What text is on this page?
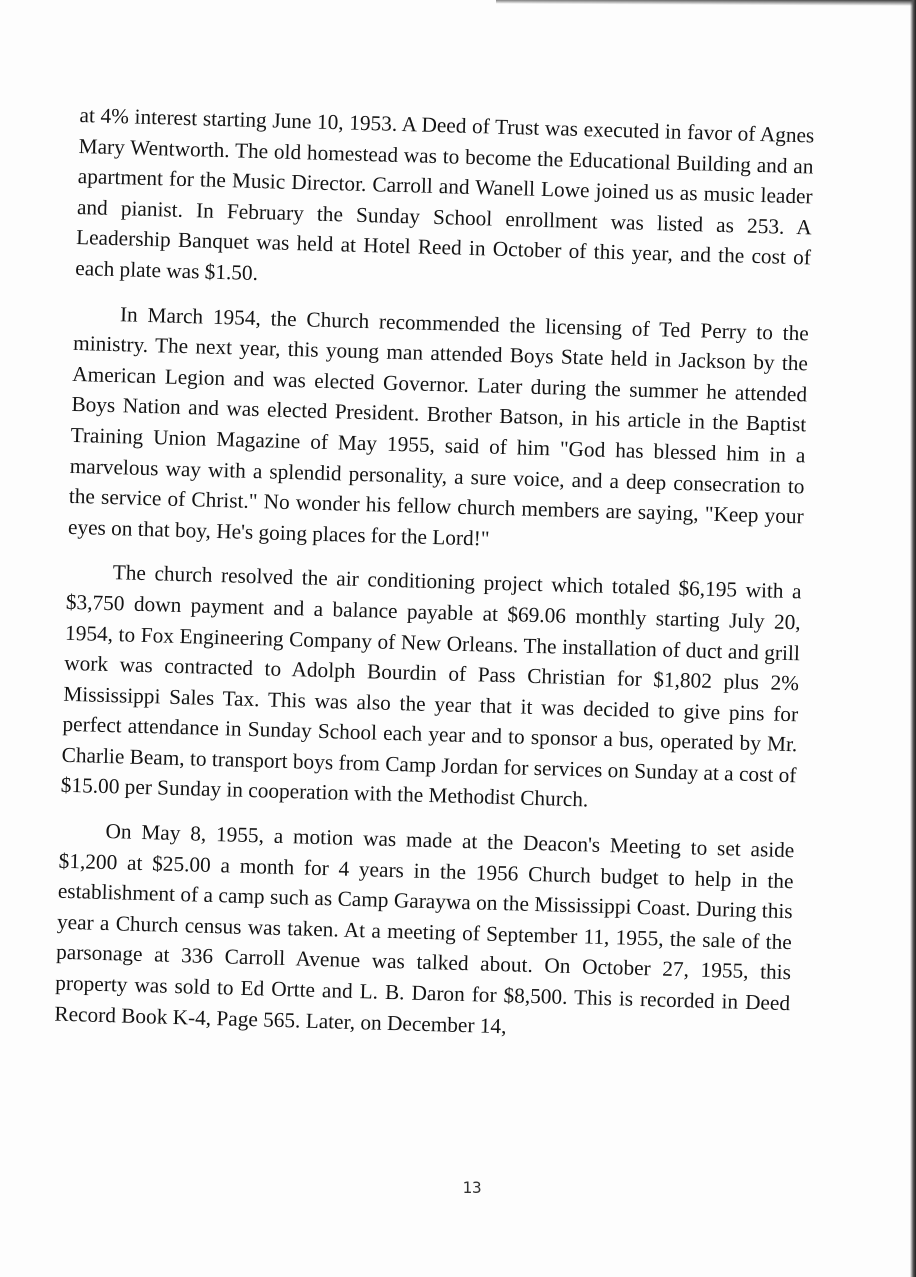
at 4% interest starting June 10, 1953. A Deed of Trust was executed in favor of Agnes Mary Wentworth. The old homestead was to become the Educational Building and an apartment for the Music Director. Carroll and Wanell Lowe joined us as music leader and pianist. In February the Sunday School enrollment was listed as 253. A Leadership Banquet was held at Hotel Reed in October of this year, and the cost of each plate was $1.50.

In March 1954, the Church recommended the licensing of Ted Perry to the ministry. The next year, this young man attended Boys State held in Jackson by the American Legion and was elected Governor. Later during the summer he attended Boys Nation and was elected President. Brother Batson, in his article in the Baptist Training Union Magazine of May 1955, said of him "God has blessed him in a marvelous way with a splendid personality, a sure voice, and a deep consecration to the service of Christ." No wonder his fellow church members are saying, "Keep your eyes on that boy, He's going places for the Lord!"

The church resolved the air conditioning project which totaled $6,195 with a $3,750 down payment and a balance payable at $69.06 monthly starting July 20, 1954, to Fox Engineering Company of New Orleans. The installation of duct and grill work was contracted to Adolph Bourdin of Pass Christian for $1,802 plus 2% Mississippi Sales Tax. This was also the year that it was decided to give pins for perfect attendance in Sunday School each year and to sponsor a bus, operated by Mr. Charlie Beam, to transport boys from Camp Jordan for services on Sunday at a cost of $15.00 per Sunday in cooperation with the Methodist Church.

On May 8, 1955, a motion was made at the Deacon's Meeting to set aside $1,200 at $25.00 a month for 4 years in the 1956 Church budget to help in the establishment of a camp such as Camp Garaywa on the Mississippi Coast. During this year a Church census was taken. At a meeting of September 11, 1955, the sale of the parsonage at 336 Carroll Avenue was talked about. On October 27, 1955, this property was sold to Ed Ortte and L. B. Daron for $8,500. This is recorded in Deed Record Book K-4, Page 565. Later, on December 14,

13
